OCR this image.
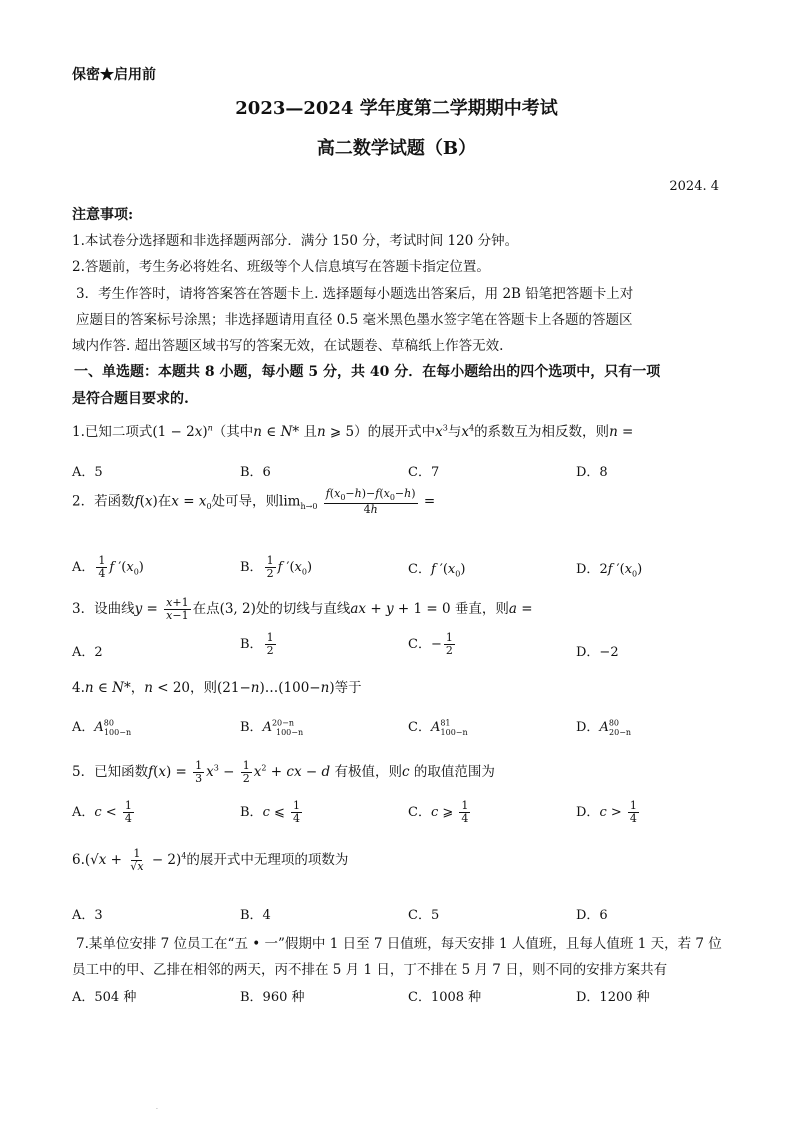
保密★启用前
2023—2024 学年度第二学期期中考试
高二数学试题（B）
2024. 4
注意事项:
1.本试卷分选择题和非选择题两部分．满分 150 分，考试时间 120 分钟。
2.答题前，考生务必将姓名、班级等个人信息填写在答题卡指定位置。
3．考生作答时，请将答案答在答题卡上. 选择题每小题选出答案后，用 2B 铅笔把答题卡上对
应题目的答案标号涂黑；非选择题请用直径 0.5 毫米黑色墨水签字笔在答题卡上各题的答题区
域内作答. 超出答题区域书写的答案无效，在试题卷、草稿纸上作答无效.
一、单选题：本题共 8 小题，每小题 5 分，共 40 分．在每小题给出的四个选项中，只有一项
是符合题目要求的.
1.已知二项式$(1 - 2x)^n$（其中n ∈ N* 且n ⩾ 5）的展开式中$x^3$与$x^4$的系数互为相反数，则n =
A．5	B．6	C．7	D．8
2．若函数f(x)在$x = x_0$处可导，则$\lim_{h\to 0} \frac{f(x_0-h)-f(x_0-h)}{4h}$ =
A． $\frac{1}{4}$ f $'(x_0)$	B． $\frac{1}{2}$ f $'(x_0)$	C．f $'(x_0)$	D．2f $'(x_0)$
3．设曲线$y = \frac{x+1}{x-1}$ 在点(3, 2)处的切线与直线ax + y + 1 = 0 垂直，则a =
A．2
B． $\frac{1}{2}$	C．− $\frac{1}{2}$	D．−2
4.n ∈ N*，n < 20，则(21−n)…(100−n)等于
A．$A^{80}_{100-n}$	B．$A^{20-n}_{100-n}$	C．$A^{81}_{100-n}$	D．$A^{80}_{20-n}$
5．已知函数$f(x) = \frac{1}{3} x^3 - \frac{1}{2} x^2$ + cx − d 有极值，则c 的取值范围为
A．$c < \frac{1}{4}$	B．c ⩽ $\frac{1}{4}$	C．c ⩾ $\frac{1}{4}$	D．$c > \frac{1}{4}$
$6.(√x + \frac{1}{√x} - 2)^4$的展开式中无理项的项数为
A．3	B．4	C．5	D．6
7.某单位安排 7 位员工在“五 • 一”假期中 1 日至 7 日值班，每天安排 1 人值班，且每人值班 1 天，若 7 位
员工中的甲、乙排在相邻的两天，丙不排在 5 月 1 日，丁不排在 5 月 7 日，则不同的安排方案共有
A．504 种	B．960 种	C．1008 种	D．1200 种
·
